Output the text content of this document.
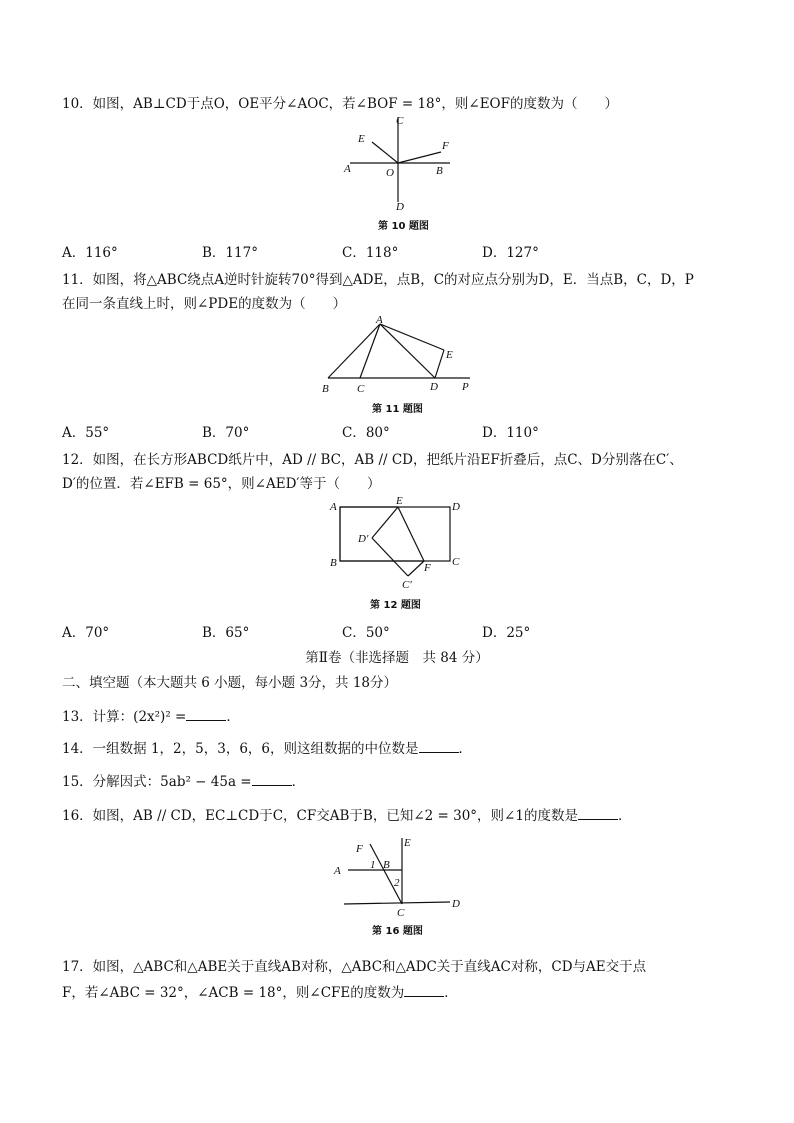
10．如图，AB⊥CD于点O，OE平分∠AOC，若∠BOF = 18°，则∠EOF的度数为（　　）
C
E
F
A	O	B
D
第 10 题图
A．116°	B．117°	C．118°	D．127°
11．如图，将△ABC绕点A逆时针旋转70°得到△ADE，点B，C的对应点分别为D，E．当点B，C，D，P
在同一条直线上时，则∠PDE的度数为（　　）
A
E
B	C	D P
第 11 题图
A．55°	B．70°	C．80°	D．110°
12．如图，在长方形ABCD纸片中，AD // BC，AB // CD，把纸片沿EF折叠后，点C、D分别落在C′、
D′的位置．若∠EFB = 65°，则∠AED′等于（　　）
A	E	D
D′
B	C
F
C′
第 12 题图
A．70°	B．65°	C．50°	D．25°
第Ⅱ卷（非选择题　共 84 分）
二、填空题（本大题共 6 小题，每小题 3分，共 18分）
13．计算：(2x²)² =	．
14．一组数据 1，2，5，3，6，6，则这组数据的中位数是	．
15．分解因式：5ab² − 45a =	．
16．如图，AB // CD，EC⊥CD于C，CF交AB于B，已知∠2 = 30°，则∠1的度数是	．
F	E
A	1 B
2
C
D
第 16 题图
17．如图，△ABC和△ABE关于直线AB对称，△ABC和△ADC关于直线AC对称，CD与AE交于点
F，若∠ABC = 32°，∠ACB = 18°，则∠CFE的度数为	．
